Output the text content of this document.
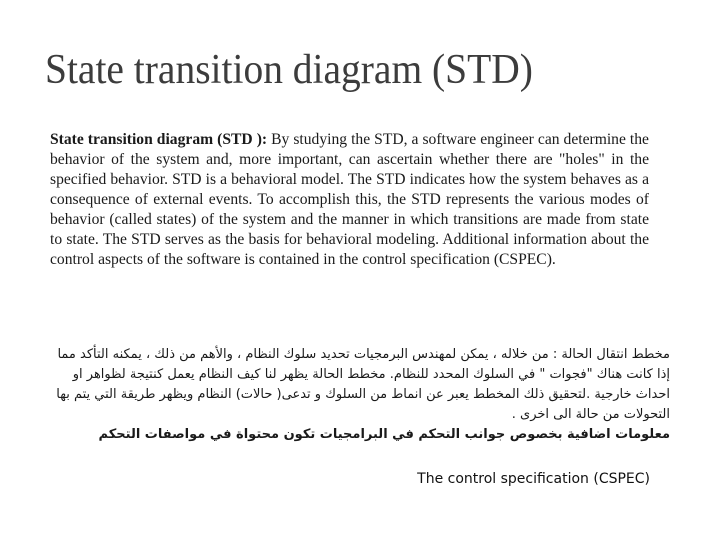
State transition diagram (STD)

State transition diagram (STD ): By studying the STD, a software engineer can determine the behavior of the system and, more important, can ascertain whether there are "holes" in the specified behavior. STD is a behavioral model. The STD indicates how the system behaves as a consequence of external events. To accomplish this, the STD represents the various modes of behavior (called states) of the system and the manner in which transitions are made from state to state. The STD serves as the basis for behavioral modeling. Additional information about the control aspects of the software is contained in the control specification (CSPEC).

مخطط انتقال الحالة : من خلاله ، يمكن لمهندس البرمجيات تحديد سلوك النظام ، والأهم من ذلك ، يمكنه التأكد مما إذا كانت هناك "فجوات " في السلوك المحدد للنظام. مخطط الحالة يظهر لنا كيف النظام يعمل كنتيجة لظواهر او احداث خارجية .لتحقيق ذلك المخطط يعبر عن انماط من السلوك و تدعى( حالات) النظام ويظهر طريقة التي يتم بها التحولات من حالة الى اخرى .

معلومات اضافية بخصوص جوانب التحكم في البرامجيات تكون محتواة في مواصفات التحكم

The control specification (CSPEC)
